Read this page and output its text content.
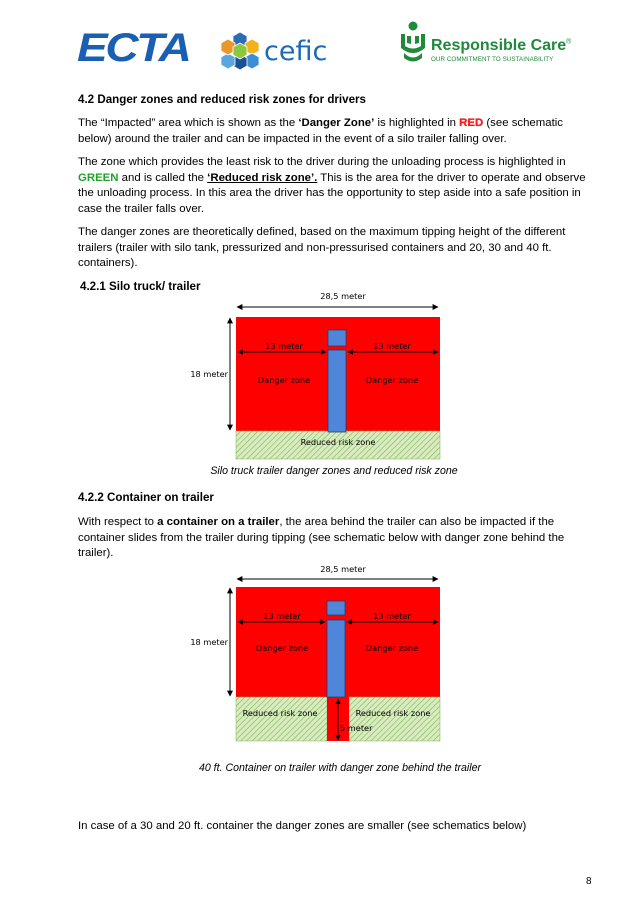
ECTA	cefic	Responsible Care®
OUR COMMITMENT TO SUSTAINABILITY
4.2 Danger zones and reduced risk zones for drivers

The “Impacted” area which is shown as the ‘Danger Zone’ is highlighted in RED (see schematic below) around the trailer and can be impacted in the event of a silo trailer falling over.

The zone which provides the least risk to the driver during the unloading process is highlighted in GREEN and is called the ‘Reduced risk zone’. This is the area for the driver to operate and observe the unloading process. In this area the driver has the opportunity to step aside into a safe position in case the trailer falls over.

The danger zones are theoretically defined, based on the maximum tipping height of the different trailers (trailer with silo tank, pressurized and non-pressurised containers and 20, 30 and 40 ft. containers).

4.2.1 Silo truck/ trailer
28,5 meter
18 meter
Reduced risk zone
13 meter	13 meter
Danger zone	Danger zone
Silo truck trailer danger zones and reduced risk zone
4.2.2 Container on trailer

With respect to a container on a trailer, the area behind the trailer can also be impacted if the container slides from the trailer during tipping (see schematic below with danger zone behind the trailer).

28,5 meter
18 meter
Reduced risk zone	Reduced risk zone
13 meter	13 meter
Danger zone	Danger zone
5 meter
40 ft. Container on trailer with danger zone behind the trailer

In case of a 30 and 20 ft. container the danger zones are smaller (see schematics below)

8
